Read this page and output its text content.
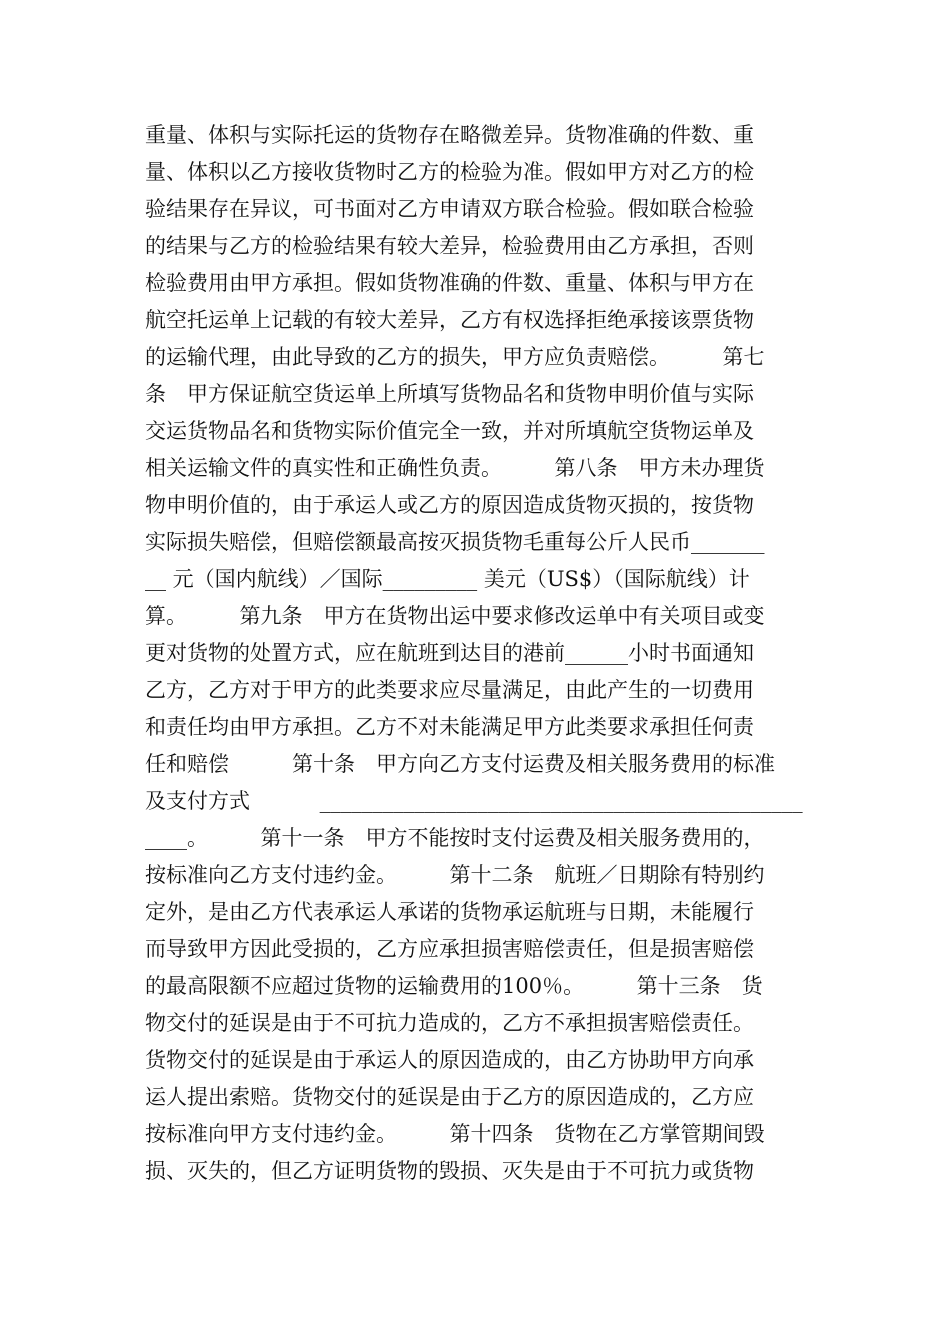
重量、体积与实际托运的货物存在略微差异。货物准确的件数、重
量、体积以乙方接收货物时乙方的检验为准。假如甲方对乙方的检
验结果存在异议，可书面对乙方申请双方联合检验。假如联合检验
的结果与乙方的检验结果有较大差异，检验费用由乙方承担，否则
检验费用由甲方承担。假如货物准确的件数、重量、体积与甲方在
航空托运单上记载的有较大差异，乙方有权选择拒绝承接该票货物
的运输代理，由此导致的乙方的损失，甲方应负责赔偿。　　　第七
条　甲方保证航空货运单上所填写货物品名和货物申明价值与实际
交运货物品名和货物实际价值完全一致，并对所填航空货物运单及
相关运输文件的真实性和正确性负责。　　　第八条　甲方未办理货
物申明价值的，由于承运人或乙方的原因造成货物灭损的，按货物
实际损失赔偿，但赔偿额最高按灭损货物毛重每公斤人民币_______
__ 元（国内航线）／国际_________ 美元（US$）（国际航线）计
算。　　　第九条　甲方在货物出运中要求修改运单中有关项目或变
更对货物的处置方式，应在航班到达目的港前______小时书面通知
乙方，乙方对于甲方的此类要求应尽量满足，由此产生的一切费用
和责任均由甲方承担。乙方不对未能满足甲方此类要求承担任何责
任和赔偿　　　第十条　甲方向乙方支付运费及相关服务费用的标准
及支付方式　　　 ______________________________________________
____。　　　第十一条　甲方不能按时支付运费及相关服务费用的，
按标准向乙方支付违约金。　　　第十二条　航班／日期除有特别约
定外，是由乙方代表承运人承诺的货物承运航班与日期，未能履行
而导致甲方因此受损的，乙方应承担损害赔偿责任，但是损害赔偿
的最高限额不应超过货物的运输费用的100％。　　　第十三条　货
物交付的延误是由于不可抗力造成的，乙方不承担损害赔偿责任。
货物交付的延误是由于承运人的原因造成的，由乙方协助甲方向承
运人提出索赔。货物交付的延误是由于乙方的原因造成的，乙方应
按标准向甲方支付违约金。　　　第十四条　货物在乙方掌管期间毁
损、灭失的，但乙方证明货物的毁损、灭失是由于不可抗力或货物
